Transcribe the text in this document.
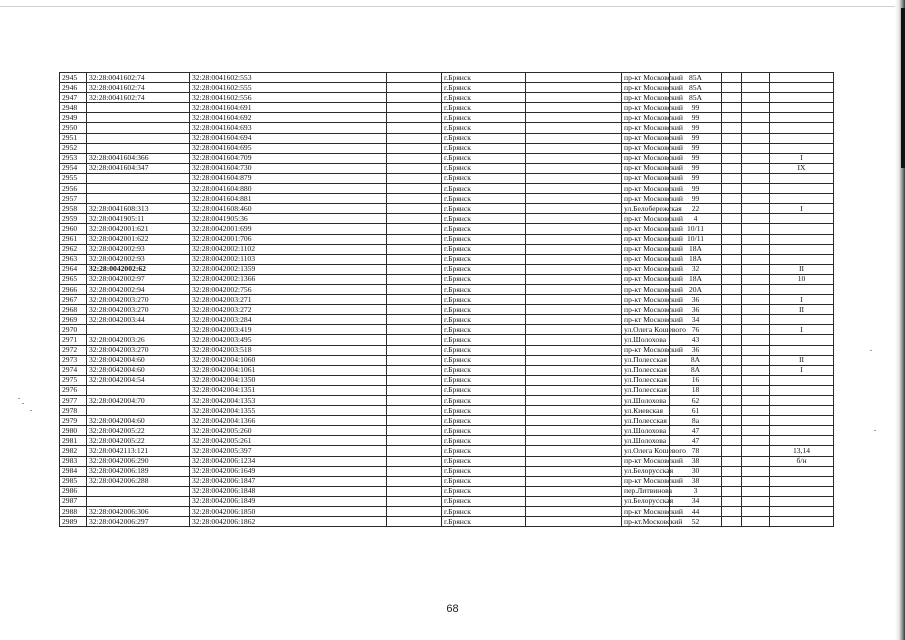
2945	32:28:0041602:74	32:28:0041602:553		г.Брянск		пр-кт Московский	85А			
2946	32:28:0041602:74	32:28:0041602:555		г.Брянск		пр-кт Московский	85А			
2947	32:28:0041602:74	32:28:0041602:556		г.Брянск		пр-кт Московский	85А			
2948		32:28:0041604:691		г.Брянск		пр-кт Московский	99			
2949		32:28:0041604:692		г.Брянск		пр-кт Московский	99			
2950		32:28:0041604:693		г.Брянск		пр-кт Московский	99			
2951		32:28:0041604:694		г.Брянск		пр-кт Московский	99			
2952		32:28:0041604:695		г.Брянск		пр-кт Московский	99			
2953	32:28:0041604:366	32:28:0041604:709		г.Брянск		пр-кт Московский	99			I
2954	32:28:0041604:347	32:28:0041604:730		г.Брянск		пр-кт Московский	99			IX
2955		32:28:0041604:879		г.Брянск		пр-кт Московский	99			
2956		32:28:0041604:880		г.Брянск		пр-кт Московский	99			
2957		32:28:0041604:881		г.Брянск		пр-кт Московский	99			
2958	32:28:0041608:313	32:28:0041608:460		г.Брянск		ул.Белобережская	22			I
2959	32:28:0041905:11	32:28:0041905:36		г.Брянск		пр-кт Московский	4			
2960	32:28:0042001:621	32:28:0042001:699		г.Брянск		пр-кт Московский	10/11			
2961	32:28:0042001:622	32:28:0042001:706		г.Брянск		пр-кт Московский	10/11			
2962	32:28:0042002:93	32:28:0042002:1102		г.Брянск		пр-кт Московский	18А			
2963	32:28:0042002:93	32:28:0042002:1103		г.Брянск		пр-кт Московский	18А			
2964	32:28:0042002:62	32:28:0042002:1359		г.Брянск		пр-кт Московский	32			II
2965	32:28:0042002:97	32:28:0042002:1366		г.Брянск		пр-кт Московский	18А			10
2966	32:28:0042002:94	32:28:0042002:756		г.Брянск		пр-кт Московский	20А			
2967	32:28:0042003:270	32:28:0042003:271		г.Брянск		пр-кт Московский	36			I
2968	32:28:0042003:270	32:28:0042003:272		г.Брянск		пр-кт Московский	36			II
2969	32:28:0042003:44	32:28:0042003:284		г.Брянск		пр-кт Московский	34			
2970		32:28:0042003:419		г.Брянск		ул.Олега Кошевого	76			I
2971	32:28:0042003:26	32:28:0042003:495		г.Брянск		ул.Шолохова	43			
2972	32:28:0042003:270	32:28:0042003:518		г.Брянск		пр-кт Московский	36			
2973	32:28:0042004:60	32:28:0042004:1060		г.Брянск		ул.Полесская	8А			II
2974	32:28:0042004:60	32:28:0042004:1061		г.Брянск		ул.Полесская	8А			I
2975	32:28:0042004:54	32:28:0042004:1350		г.Брянск		ул.Полесская	16			
2976		32:28:0042004:1351		г.Брянск		ул.Полесская	18			
2977	32:28:0042004:70	32:28:0042004:1353		г.Брянск		ул.Шолохова	62			
2978		32:28:0042004:1355		г.Брянск		ул.Киевская	61			
2979	32:28:0042004:60	32:28:0042004:1366		г.Брянск		ул.Полесская	8а			
2980	32:28:0042005:22	32:28:0042005:260		г.Брянск		ул.Шолохова	47			
2981	32:28:0042005:22	32:28:0042005:261		г.Брянск		ул.Шолохова	47			
2982	32:28:0042113:121	32:28:0042005:397		г.Брянск		ул.Олега Кошевого	78			13,14
2983	32:28:0042006:290	32:28:0042006:1234		г.Брянск		пр-кт Московский	38			б/н
2984	32:28:0042006:189	32:28:0042006:1649		г.Брянск		ул.Белорусская	30			
2985	32:28:0042006:288	32:28:0042006:1847		г.Брянск		пр-кт Московский	38			
2986		32:28:0042006:1848		г.Брянск		пер.Литвинова	3			
2987		32:28:0042006:1849		г.Брянск		ул.Белорусская	34			
2988	32:28:0042006:306	32:28:0042006:1850		г.Брянск		пр-кт Московский	44			
2989	32:28:0042006:297	32:28:0042006:1862		г.Брянск		пр-кт.Московский	52			
68
